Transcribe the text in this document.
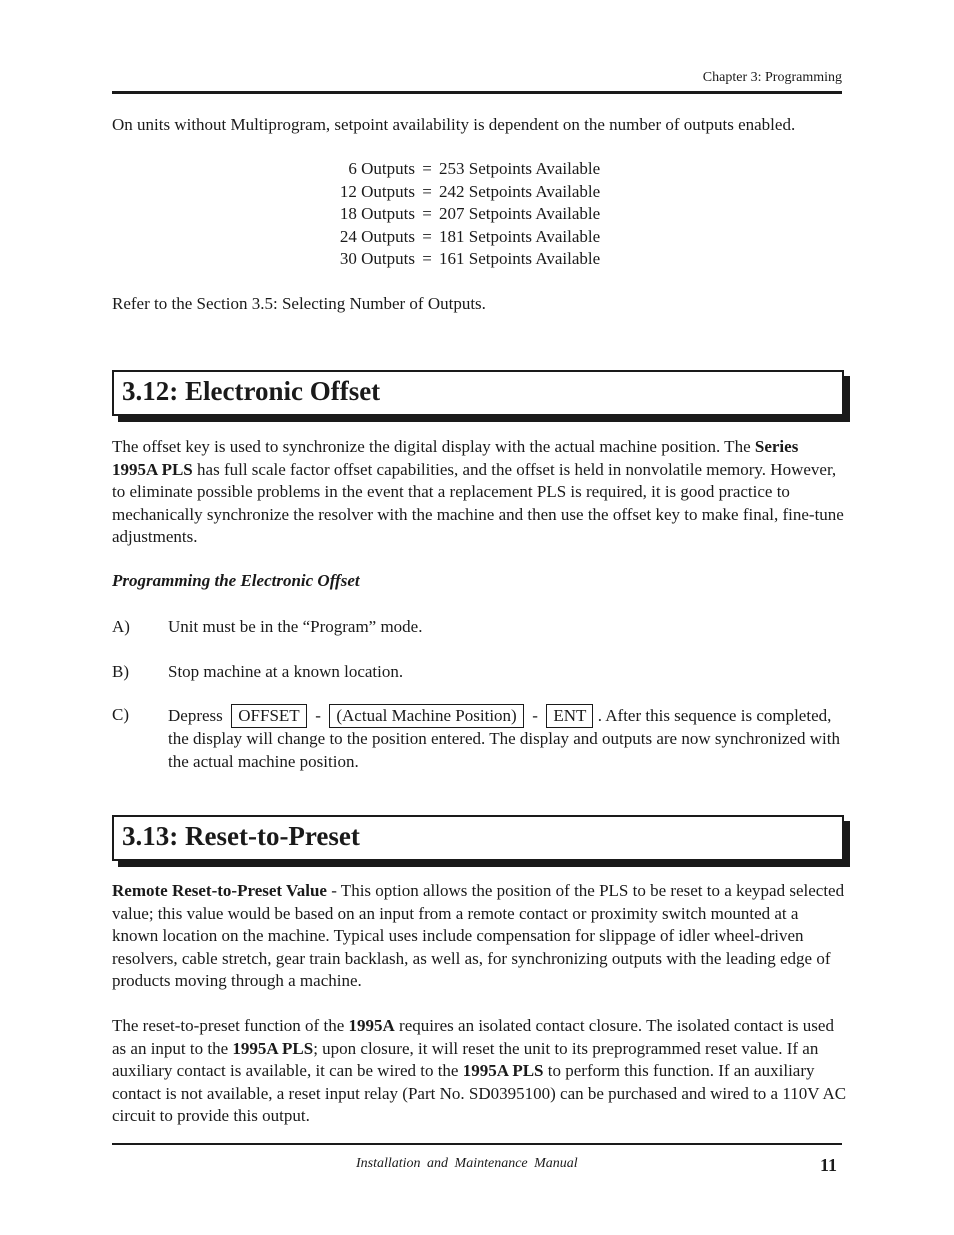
Chapter 3: Programming
On units without Multiprogram, setpoint availability is dependent on the number of outputs enabled.
6 Outputs = 253 Setpoints Available
12 Outputs = 242 Setpoints Available
18 Outputs = 207 Setpoints Available
24 Outputs = 181 Setpoints Available
30 Outputs = 161 Setpoints Available
Refer to the Section 3.5: Selecting Number of Outputs.
3.12: Electronic Offset
The offset key is used to synchronize the digital display with the actual machine position. The Series 1995A PLS has full scale factor offset capabilities, and the offset is held in nonvolatile memory. However, to eliminate possible problems in the event that a replacement PLS is required, it is good practice to mechanically synchronize the resolver with the machine and then use the offset key to make final, fine-tune adjustments.
Programming the Electronic Offset
A) Unit must be in the “Program” mode.
B) Stop machine at a known location.
C) Depress OFFSET - (Actual Machine Position) - ENT . After this sequence is completed, the display will change to the position entered. The display and outputs are now synchronized with the actual machine position.
3.13: Reset-to-Preset
Remote Reset-to-Preset Value - This option allows the position of the PLS to be reset to a keypad selected value; this value would be based on an input from a remote contact or proximity switch mounted at a known location on the machine. Typical uses include compensation for slippage of idler wheel-driven resolvers, cable stretch, gear train backlash, as well as, for synchronizing outputs with the leading edge of products moving through a machine.
The reset-to-preset function of the 1995A requires an isolated contact closure. The isolated contact is used as an input to the 1995A PLS; upon closure, it will reset the unit to its preprogrammed reset value. If an auxiliary contact is available, it can be wired to the 1995A PLS to perform this function. If an auxiliary contact is not available, a reset input relay (Part No. SD0395100) can be purchased and wired to a 110V AC circuit to provide this output.
Installation and Maintenance Manual	11
